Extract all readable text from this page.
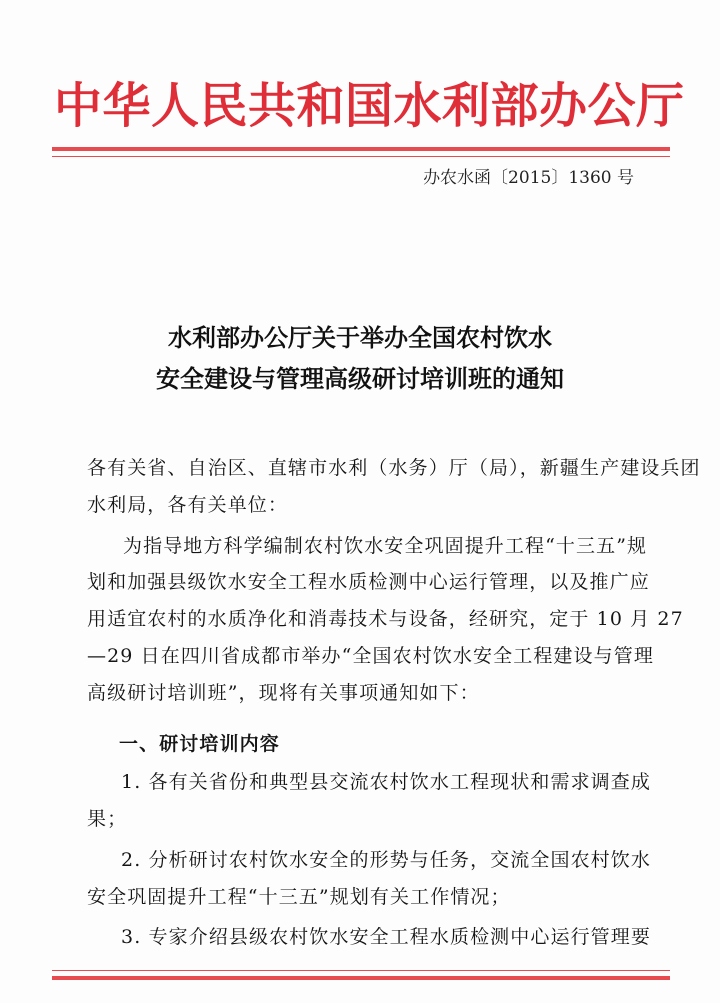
中华人民共和国水利部办公厅
办农水函〔2015〕1360 号
水利部办公厅关于举办全国农村饮水
安全建设与管理高级研讨培训班的通知
各有关省、自治区、直辖市水利（水务）厅（局），新疆生产建设兵团
水利局，各有关单位：
为指导地方科学编制农村饮水安全巩固提升工程“十三五”规
划和加强县级饮水安全工程水质检测中心运行管理，以及推广应
用适宜农村的水质净化和消毒技术与设备，经研究，定于 10 月 27
—29 日在四川省成都市举办“全国农村饮水安全工程建设与管理
高级研讨培训班”，现将有关事项通知如下：
一、研讨培训内容
1. 各有关省份和典型县交流农村饮水工程现状和需求调查成
果；
2. 分析研讨农村饮水安全的形势与任务，交流全国农村饮水
安全巩固提升工程“十三五”规划有关工作情况；
3. 专家介绍县级农村饮水安全工程水质检测中心运行管理要
